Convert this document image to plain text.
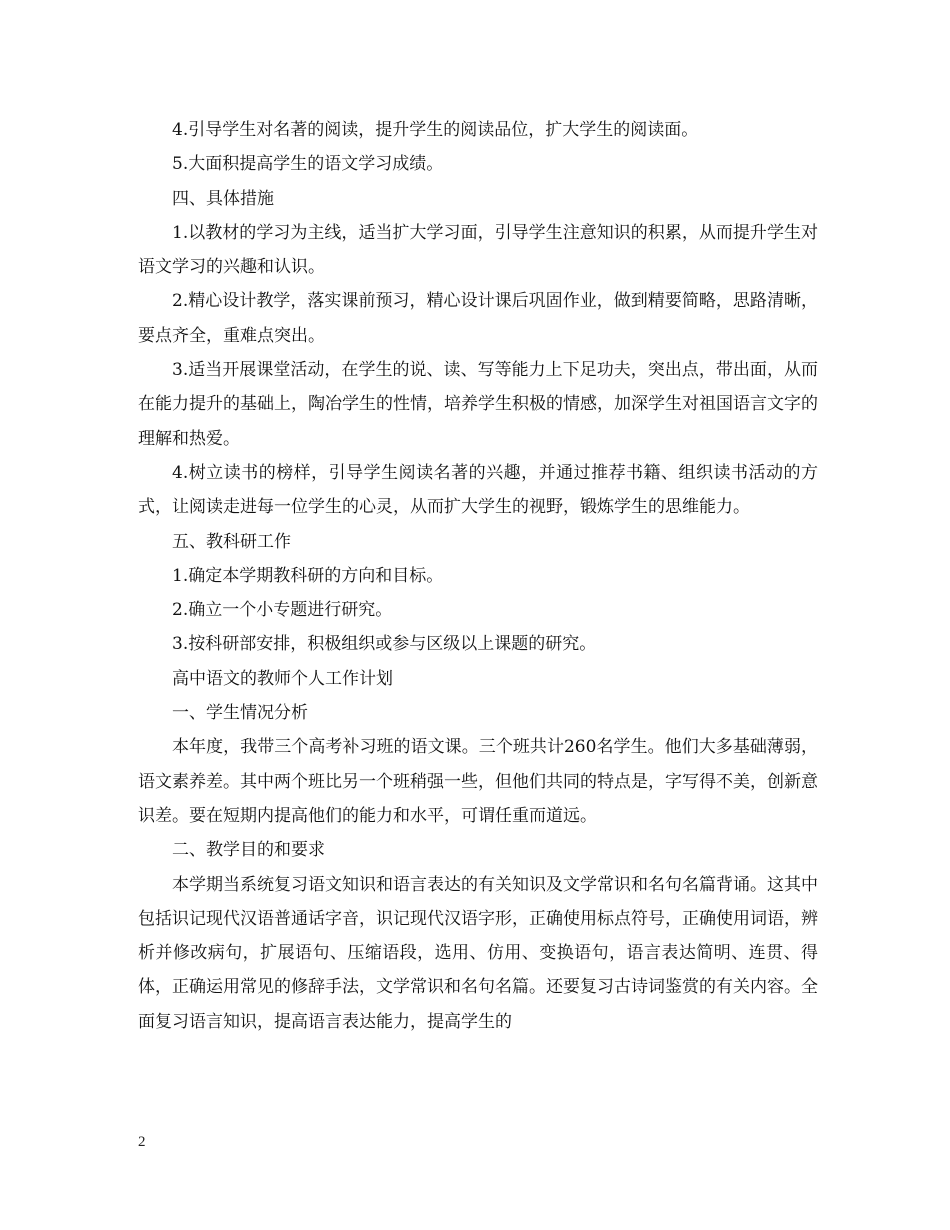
4.引导学生对名著的阅读，提升学生的阅读品位，扩大学生的阅读面。

5.大面积提高学生的语文学习成绩。

四、具体措施

1.以教材的学习为主线，适当扩大学习面，引导学生注意知识的积累，从而提升学生对语文学习的兴趣和认识。

2.精心设计教学，落实课前预习，精心设计课后巩固作业，做到精要简略，思路清晰，要点齐全，重难点突出。

3.适当开展课堂活动，在学生的说、读、写等能力上下足功夫，突出点，带出面，从而在能力提升的基础上，陶冶学生的性情，培养学生积极的情感，加深学生对祖国语言文字的理解和热爱。

4.树立读书的榜样，引导学生阅读名著的兴趣，并通过推荐书籍、组织读书活动的方式，让阅读走进每一位学生的心灵，从而扩大学生的视野，锻炼学生的思维能力。

五、教科研工作

1.确定本学期教科研的方向和目标。

2.确立一个小专题进行研究。

3.按科研部安排，积极组织或参与区级以上课题的研究。

高中语文的教师个人工作计划

一、学生情况分析

本年度，我带三个高考补习班的语文课。三个班共计260名学生。他们大多基础薄弱，语文素养差。其中两个班比另一个班稍强一些，但他们共同的特点是，字写得不美，创新意识差。要在短期内提高他们的能力和水平，可谓任重而道远。

二、教学目的和要求

本学期当系统复习语文知识和语言表达的有关知识及文学常识和名句名篇背诵。这其中包括识记现代汉语普通话字音，识记现代汉语字形，正确使用标点符号，正确使用词语，辨析并修改病句，扩展语句、压缩语段，选用、仿用、变换语句，语言表达简明、连贯、得体，正确运用常见的修辞手法，文学常识和名句名篇。还要复习古诗词鉴赏的有关内容。全面复习语言知识，提高语言表达能力，提高学生的

2
